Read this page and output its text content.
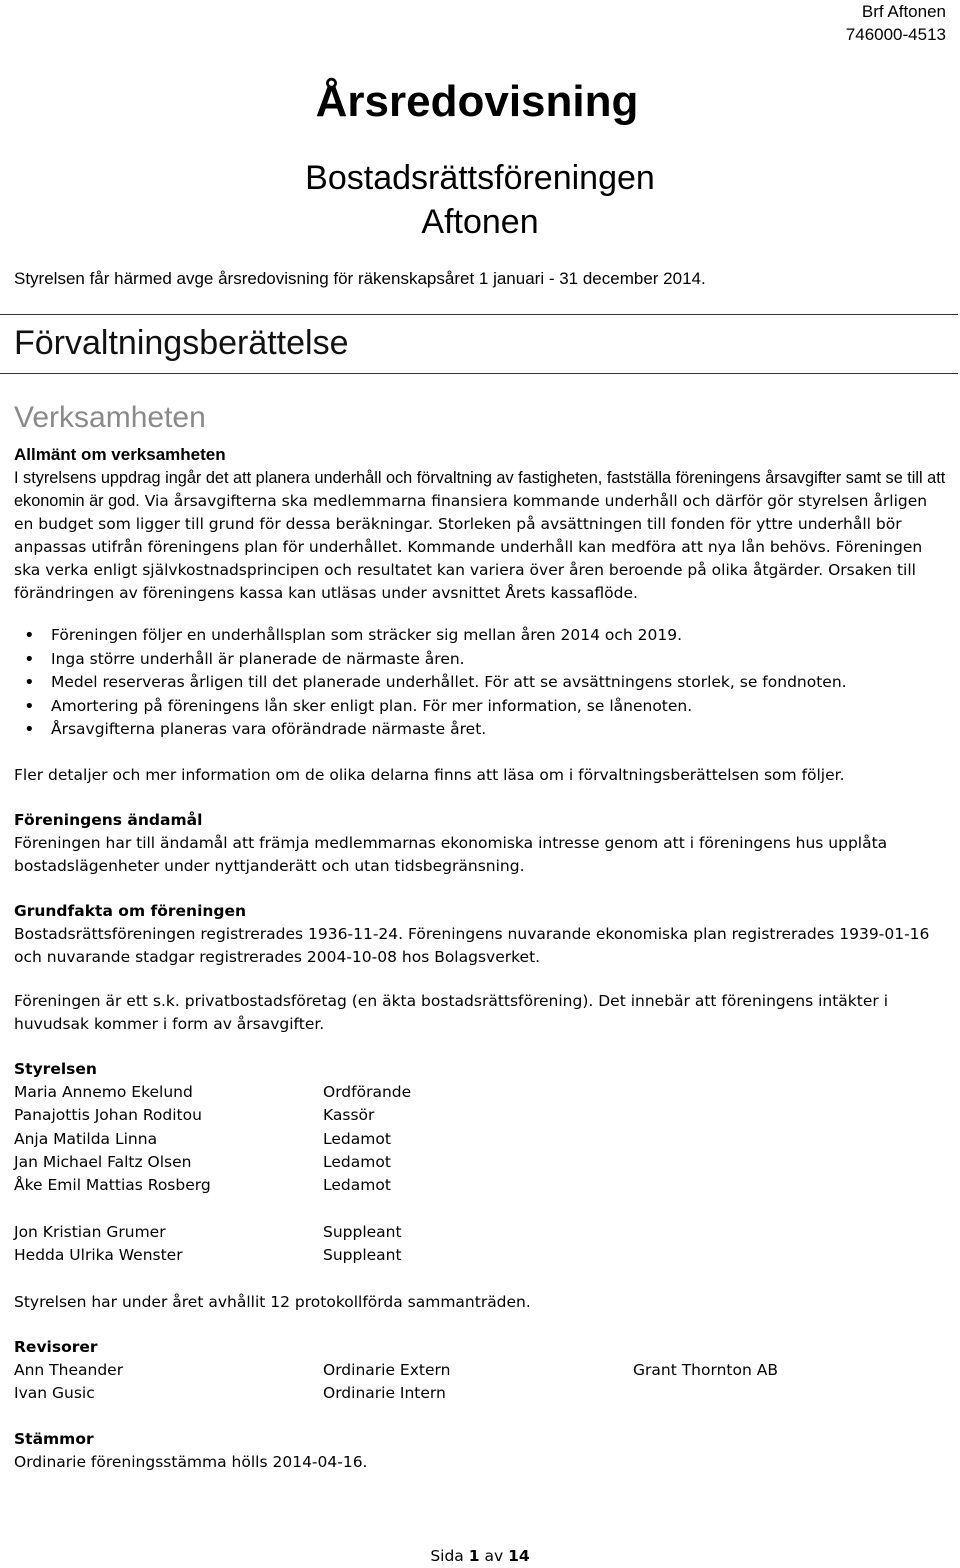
Brf Aftonen
746000-4513
Årsredovisning
Bostadsrättsföreningen
Aftonen
Styrelsen får härmed avge årsredovisning för räkenskapsåret 1 januari - 31 december 2014.
Förvaltningsberättelse
Verksamheten
Allmänt om verksamheten

I styrelsens uppdrag ingår det att planera underhåll och förvaltning av fastigheten, fastställa föreningens årsavgifter samt se till att ekonomin är god. Via årsavgifterna ska medlemmarna finansiera kommande underhåll och därför gör styrelsen årligen en budget som ligger till grund för dessa beräkningar. Storleken på avsättningen till fonden för yttre underhåll bör anpassas utifrån föreningens plan för underhållet. Kommande underhåll kan medföra att nya lån behövs. Föreningen ska verka enligt självkostnadsprincipen och resultatet kan variera över åren beroende på olika åtgärder. Orsaken till förändringen av föreningens kassa kan utläsas under avsnittet Årets kassaflöde.

• Föreningen följer en underhållsplan som sträcker sig mellan åren 2014 och 2019.
• Inga större underhåll är planerade de närmaste åren.
• Medel reserveras årligen till det planerade underhållet. För att se avsättningens storlek, se fondnoten.
• Amortering på föreningens lån sker enligt plan. För mer information, se lånenoten.
• Årsavgifterna planeras vara oförändrade närmaste året.
Fler detaljer och mer information om de olika delarna finns att läsa om i förvaltningsberättelsen som följer.
Föreningens ändamål
Föreningen har till ändamål att främja medlemmarnas ekonomiska intresse genom att i föreningens hus upplåta bostadslägenheter under nyttjanderätt och utan tidsbegränsning.
Grundfakta om föreningen
Bostadsrättsföreningen registrerades 1936-11-24. Föreningens nuvarande ekonomiska plan registrerades 1939-01-16 och nuvarande stadgar registrerades 2004-10-08 hos Bolagsverket.
Föreningen är ett s.k. privatbostadsföretag (en äkta bostadsrättsförening). Det innebär att föreningens intäkter i huvudsak kommer i form av årsavgifter.
Styrelsen
Maria Annemo Ekelund	Ordförande
Panajottis Johan Roditou	Kassör
Anja Matilda Linna	Ledamot
Jan Michael Faltz Olsen	Ledamot
Åke Emil Mattias Rosberg	Ledamot
Jon Kristian Grumer	Suppleant
Hedda Ulrika Wenster	Suppleant
Styrelsen har under året avhållit 12 protokollförda sammanträden.
Revisorer
Ann Theander	Ordinarie Extern	Grant Thornton AB
Ivan Gusic	Ordinarie Intern
Stämmor
Ordinarie föreningsstämma hölls 2014-04-16.
Sida 1 av 14
